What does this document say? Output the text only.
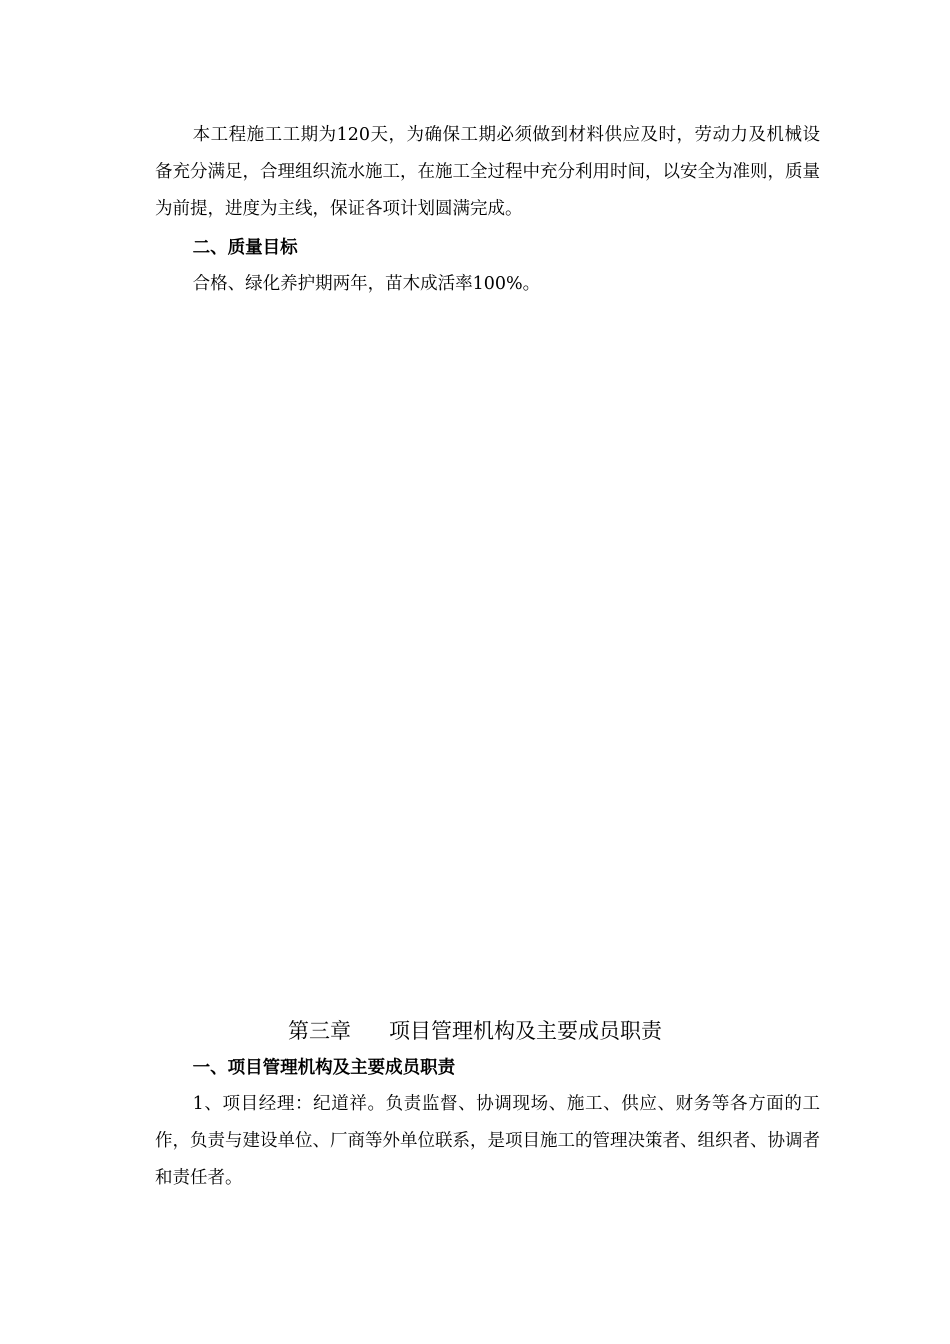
本工程施工工期为120天，为确保工期必须做到材料供应及时，劳动力及机械设备充分满足，合理组织流水施工，在施工全过程中充分利用时间，以安全为准则，质量为前提，进度为主线，保证各项计划圆满完成。

二、质量目标

合格、绿化养护期两年，苗木成活率100%。

第三章 项目管理机构及主要成员职责

一、项目管理机构及主要成员职责

1、项目经理：纪道祥。负责监督、协调现场、施工、供应、财务等各方面的工作，负责与建设单位、厂商等外单位联系，是项目施工的管理决策者、组织者、协调者和责任者。
